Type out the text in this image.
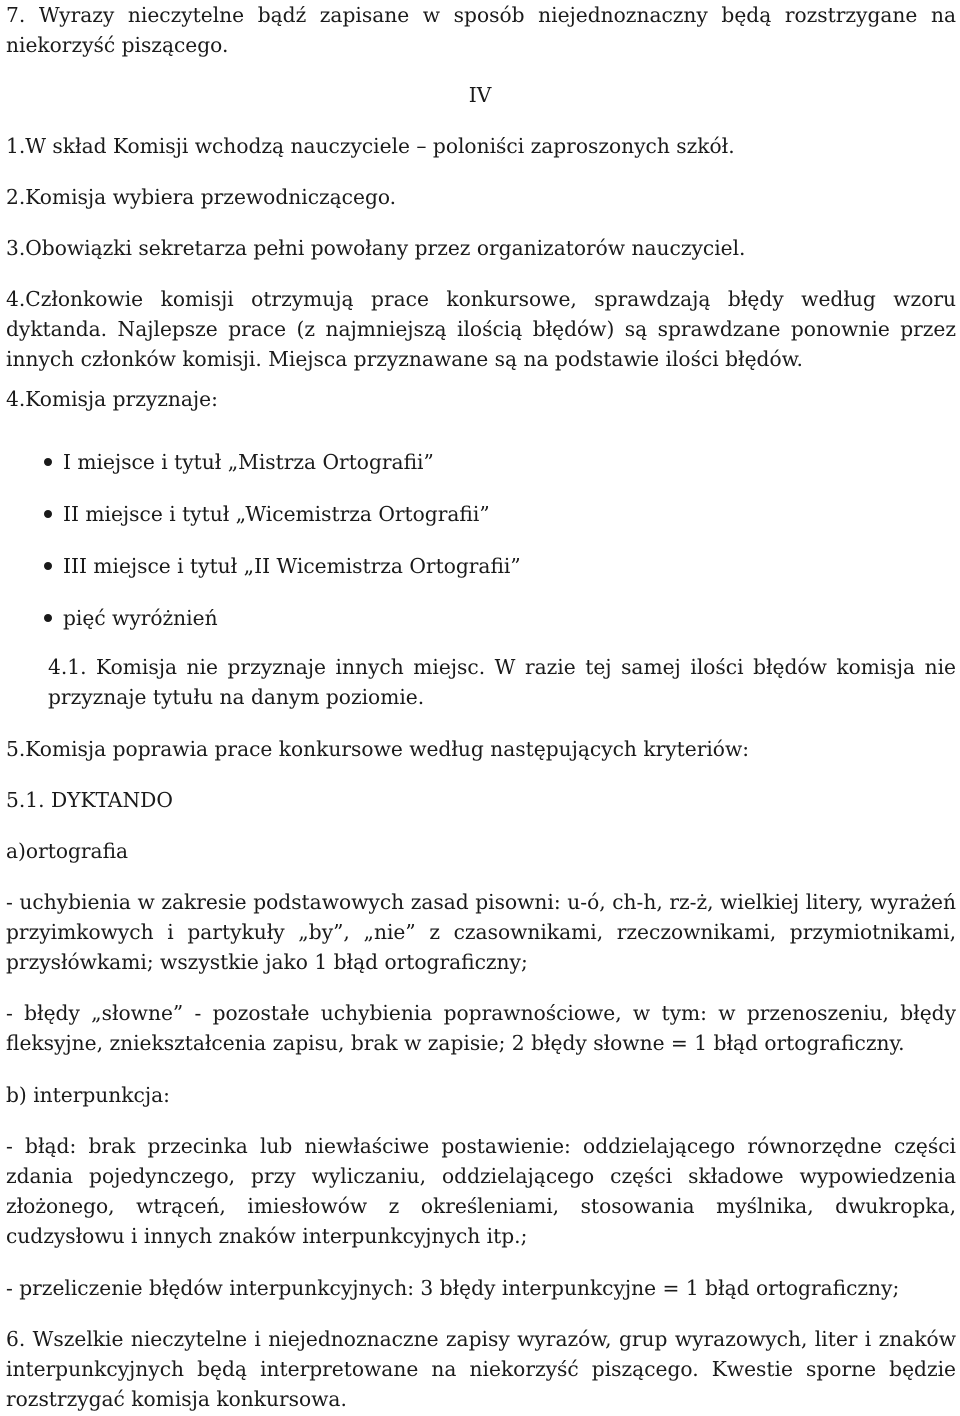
7. Wyrazy nieczytelne bądź zapisane w sposób niejednoznaczny będą rozstrzygane na niekorzyść piszącego.

IV

1.W skład Komisji wchodzą nauczyciele – poloniści zaproszonych szkół.

2.Komisja wybiera przewodniczącego.

3.Obowiązki sekretarza pełni powołany przez organizatorów nauczyciel.

4.Członkowie komisji otrzymują prace konkursowe, sprawdzają błędy według wzoru dyktanda. Najlepsze prace (z najmniejszą ilością błędów) są sprawdzane ponownie przez innych członków komisji. Miejsca przyznawane są na podstawie ilości błędów.

4.Komisja przyznaje:

I miejsce i tytuł „Mistrza Ortografii”
II miejsce i tytuł „Wicemistrza Ortografii”
III miejsce i tytuł „II Wicemistrza Ortografii”
pięć wyróżnień

4.1. Komisja nie przyznaje innych miejsc. W razie tej samej ilości błędów komisja nie przyznaje tytułu na danym poziomie.

5.Komisja poprawia prace konkursowe według następujących kryteriów:

5.1. DYKTANDO

a)ortografia

- uchybienia w zakresie podstawowych zasad pisowni: u-ó, ch-h, rz-ż, wielkiej litery, wyrażeń przyimkowych i partykuły „by”, „nie” z czasownikami, rzeczownikami, przymiotnikami, przysłówkami; wszystkie jako 1 błąd ortograficzny;

- błędy „słowne” - pozostałe uchybienia poprawnościowe, w tym: w przenoszeniu, błędy fleksyjne, zniekształcenia zapisu, brak w zapisie; 2 błędy słowne = 1 błąd ortograficzny.

b) interpunkcja:

- błąd: brak przecinka lub niewłaściwe postawienie: oddzielającego równorzędne części zdania pojedynczego, przy wyliczaniu, oddzielającego części składowe wypowiedzenia złożonego, wtrąceń, imiesłowów z określeniami, stosowania myślnika, dwukropka, cudzysłowu i innych znaków interpunkcyjnych itp.;

- przeliczenie błędów interpunkcyjnych: 3 błędy interpunkcyjne = 1 błąd ortograficzny;

6. Wszelkie nieczytelne i niejednoznaczne zapisy wyrazów, grup wyrazowych, liter i znaków interpunkcyjnych będą interpretowane na niekorzyść piszącego. Kwestie sporne będzie rozstrzygać komisja konkursowa.
